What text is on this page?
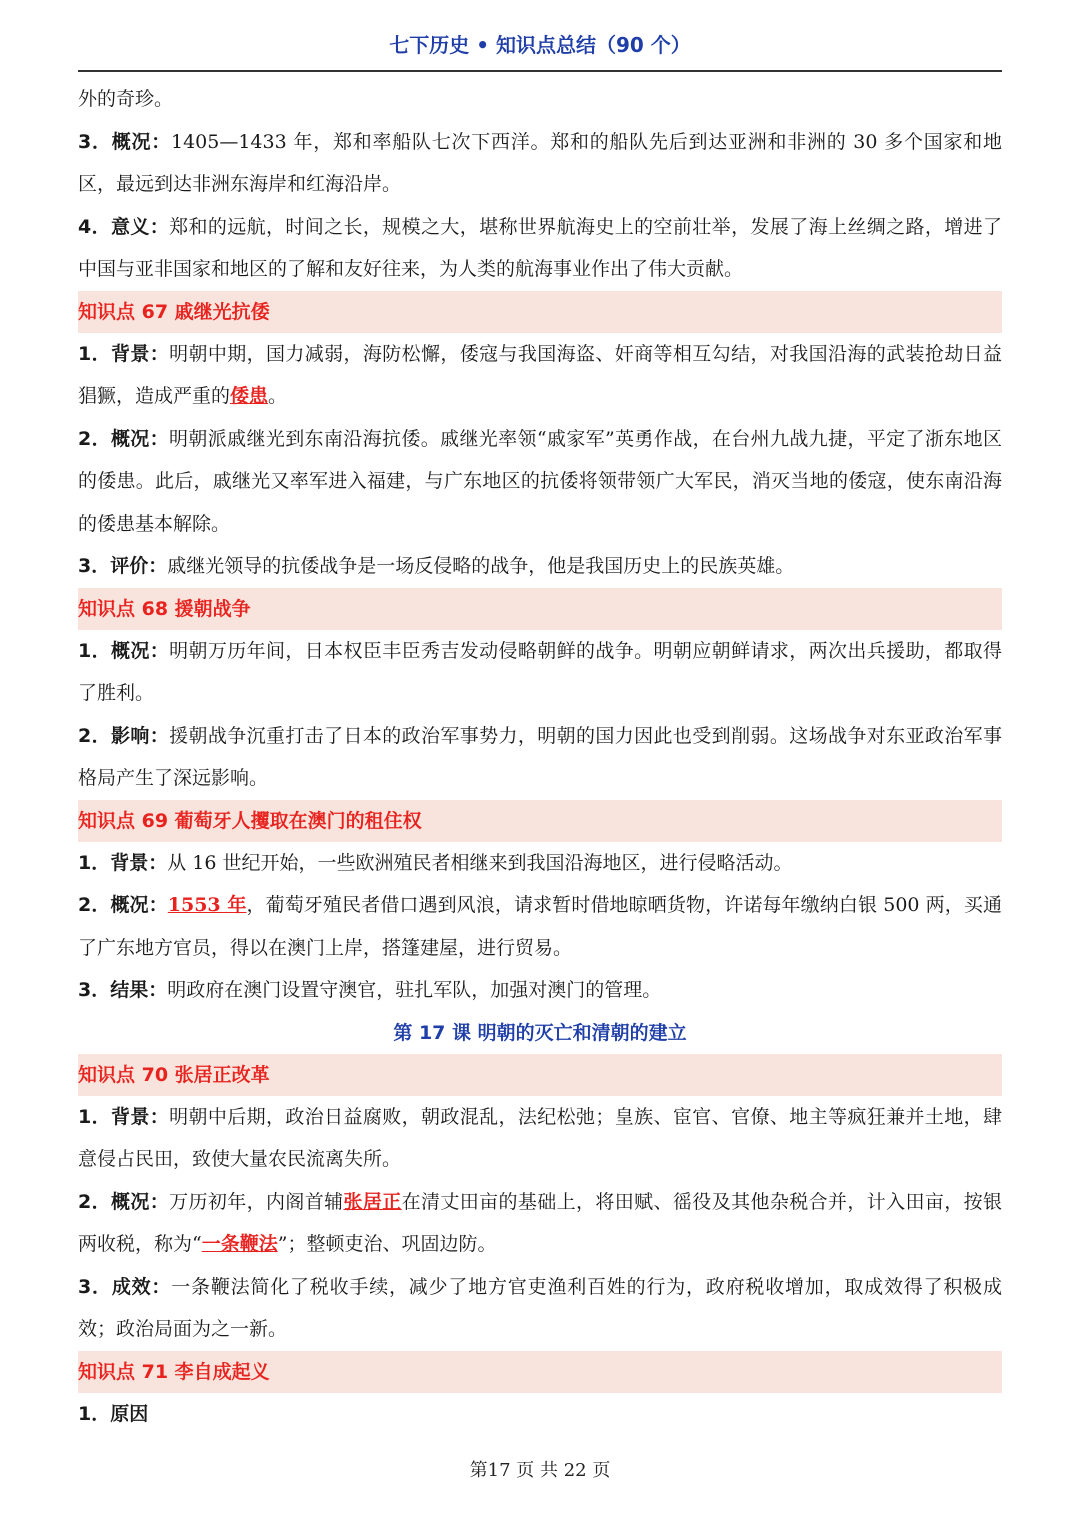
七下历史 • 知识点总结（90 个）

外的奇珍。

3．概况：1405—1433 年，郑和率船队七次下西洋。郑和的船队先后到达亚洲和非洲的 30 多个国家和地区，最远到达非洲东海岸和红海沿岸。

4．意义：郑和的远航，时间之长，规模之大，堪称世界航海史上的空前壮举，发展了海上丝绸之路，增进了中国与亚非国家和地区的了解和友好往来，为人类的航海事业作出了伟大贡献。

知识点 67 戚继光抗倭

1．背景：明朝中期，国力减弱，海防松懈，倭寇与我国海盗、奸商等相互勾结，对我国沿海的武装抢劫日益猖獗，造成严重的倭患。

2．概况：明朝派戚继光到东南沿海抗倭。戚继光率领“戚家军”英勇作战，在台州九战九捷，平定了浙东地区的倭患。此后，戚继光又率军进入福建，与广东地区的抗倭将领带领广大军民，消灭当地的倭寇，使东南沿海的倭患基本解除。

3．评价：戚继光领导的抗倭战争是一场反侵略的战争，他是我国历史上的民族英雄。

知识点 68 援朝战争

1．概况：明朝万历年间，日本权臣丰臣秀吉发动侵略朝鲜的战争。明朝应朝鲜请求，两次出兵援助，都取得了胜利。

2．影响：援朝战争沉重打击了日本的政治军事势力，明朝的国力因此也受到削弱。这场战争对东亚政治军事格局产生了深远影响。

知识点 69 葡萄牙人攫取在澳门的租住权

1．背景：从 16 世纪开始，一些欧洲殖民者相继来到我国沿海地区，进行侵略活动。

2．概况：1553 年，葡萄牙殖民者借口遇到风浪，请求暂时借地晾晒货物，许诺每年缴纳白银 500 两，买通了广东地方官员，得以在澳门上岸，搭篷建屋，进行贸易。

3．结果：明政府在澳门设置守澳官，驻扎军队，加强对澳门的管理。

第 17 课 明朝的灭亡和清朝的建立
知识点 70 张居正改革

1．背景：明朝中后期，政治日益腐败，朝政混乱，法纪松弛；皇族、宦官、官僚、地主等疯狂兼并土地，肆意侵占民田，致使大量农民流离失所。

2．概况：万历初年，内阁首辅张居正在清丈田亩的基础上，将田赋、徭役及其他杂税合并，计入田亩，按银两收税，称为“一条鞭法”；整顿吏治、巩固边防。

3．成效：一条鞭法简化了税收手续，减少了地方官吏渔利百姓的行为，政府税收增加，取成效得了积极成效；政治局面为之一新。

知识点 71 李自成起义

1．原因

第17 页 共 22 页
